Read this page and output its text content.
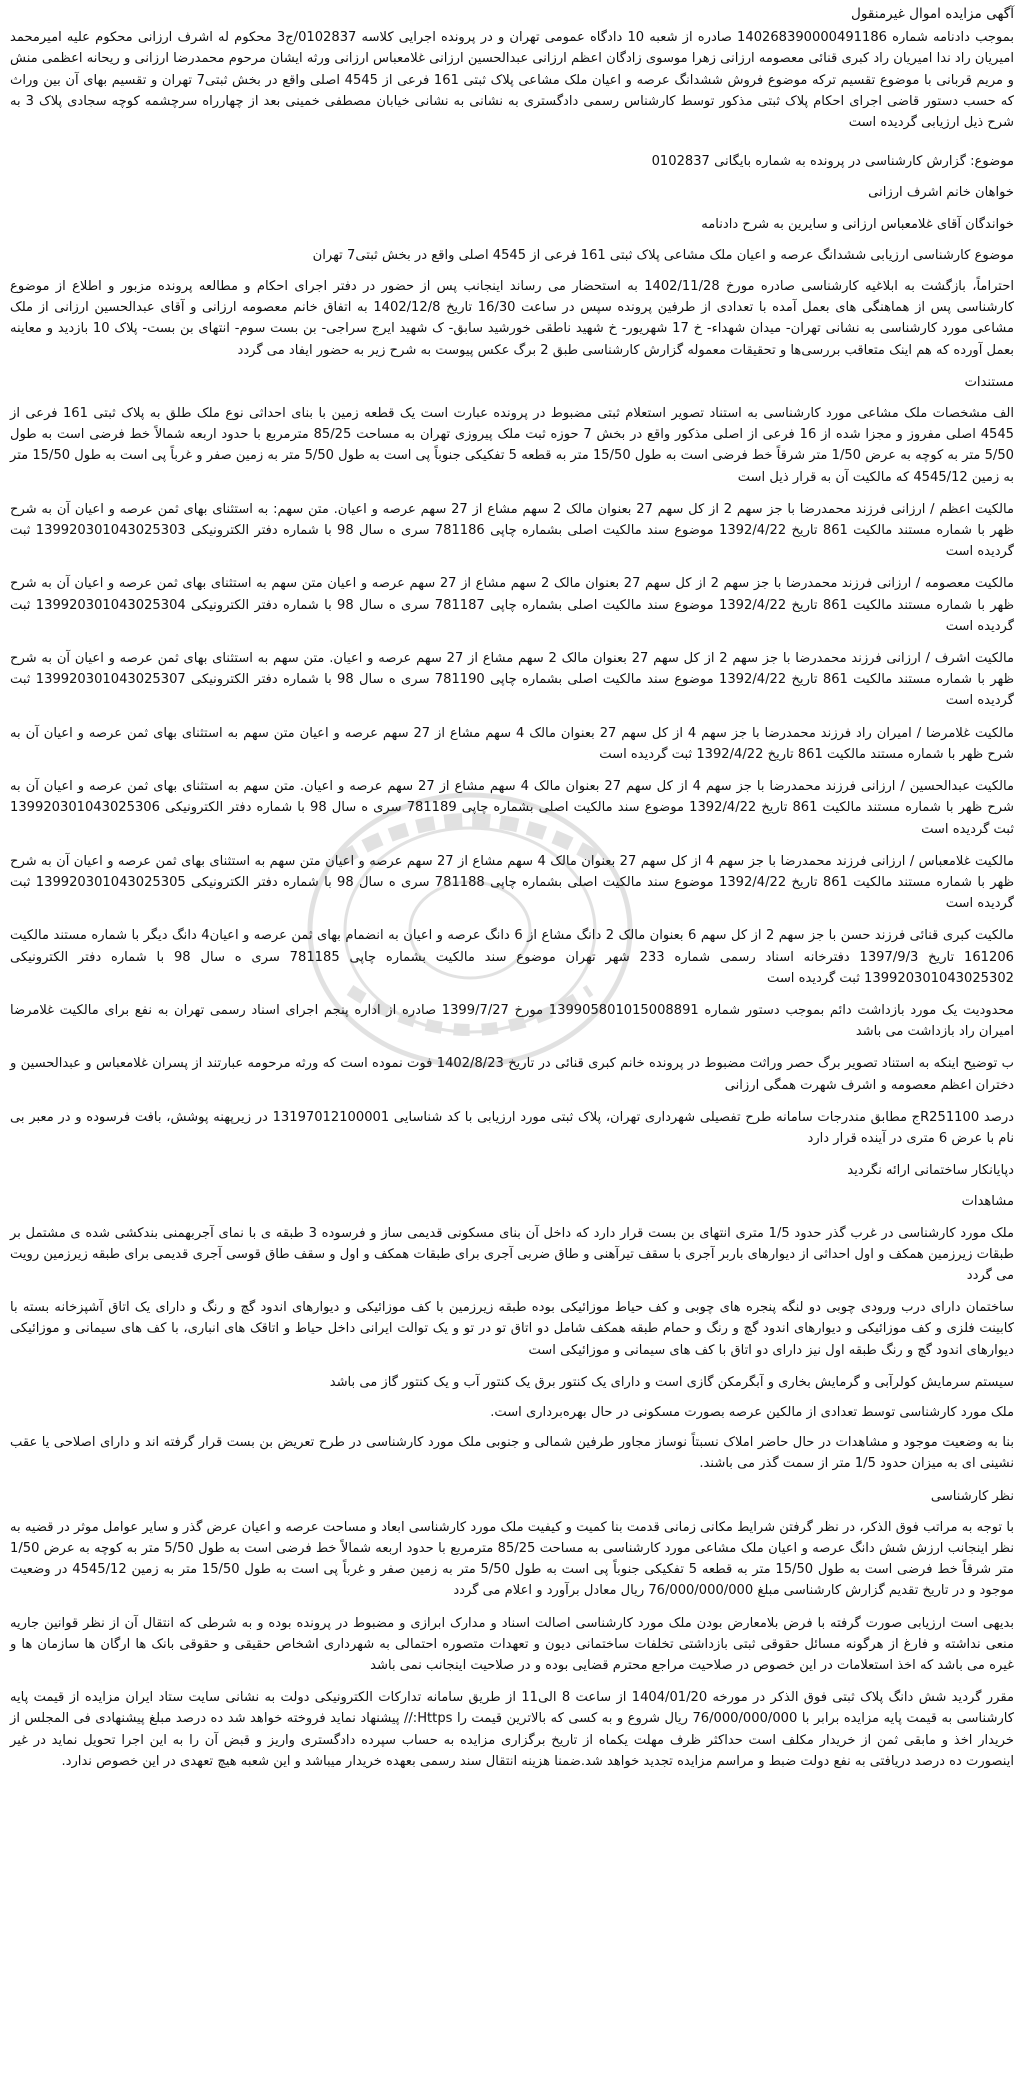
آگهی مزایده اموال غیرمنقول
بموجب دادنامه شماره 140268390000491186 صادره از شعبه 10 دادگاه عمومی تهران و در پرونده اجرایی کلاسه 0102837/ج3 محکوم له اشرف ارزانی محکوم علیه امیرمحمد امیریان راد ندا امیریان راد کبری قنائی معصومه ارزانی زهرا موسوی زادگان اعظم ارزانی عبدالحسین ارزانی غلامعباس ارزانی ورثه ایشان مرحوم محمدرضا ارزانی و ریحانه اعظمی منش و مریم قربانی با موضوع تقسیم ترکه موضوع فروش ششدانگ عرصه و اعیان ملک مشاعی پلاک ثبتی 161 فرعی از 4545 اصلی واقع در بخش ثبتی7 تهران و تقسیم بهای آن بین وراث که حسب دستور قاضی اجرای احکام پلاک ثبتی مذکور توسط کارشناس رسمی دادگستری به نشانی به نشانی خیابان مصطفی خمینی بعد از چهارراه سرچشمه کوچه سجادی پلاک 3 به شرح ذیل ارزیابی گردیده است
موضوع: گزارش کارشناسی در پرونده به شماره بایگانی 0102837
خواهان خانم اشرف ارزانی
خواندگان آقای غلامعباس ارزانی و سایرین به شرح دادنامه
موضوع کارشناسی ارزیابی ششدانگ عرصه و اعیان ملک مشاعی پلاک ثبتی 161 فرعی از 4545 اصلی واقع در بخش ثبتی7 تهران
احتراماً، بازگشت به ابلاغیه کارشناسی صادره مورخ 1402/11/28 به استحضار می رساند اینجانب پس از حضور در دفتر اجرای احکام و مطالعه پرونده مزبور و اطلاع از موضوع کارشناسی پس از هماهنگی های بعمل آمده با تعدادی از طرفین پرونده سپس در ساعت 16/30 تاریخ 1402/12/8 به اتفاق خانم معصومه ارزانی و آقای عبدالحسین ارزانی از ملک مشاعی مورد کارشناسی به نشانی تهران- میدان شهداء- خ 17 شهریور- خ شهید ناطقی خورشید سابق- ک شهید ایرج سراجی- بن بست سوم- انتهای بن بست- پلاک 10 بازدید و معاینه بعمل آورده که هم اینک متعاقب بررسی‌ها و تحقیقات معموله گزارش کارشناسی طبق 2 برگ عکس پیوست به شرح زیر به حضور ایفاد می گردد
مستندات
الف مشخصات ملک مشاعی مورد کارشناسی به استناد تصویر استعلام ثبتی مضبوط در پرونده عبارت است یک قطعه زمین با بنای احداثی نوع ملک طلق به پلاک ثبتی 161 فرعی از 4545 اصلی مفروز و مجزا شده از 16 فرعی از اصلی مذکور واقع در بخش 7 حوزه ثبت ملک پیروزی تهران به مساحت 85/25 مترمربع با حدود اربعه شمالاً خط فرضی است به طول 5/50 متر به کوچه به عرض 1/50 متر شرقاً خط فرضی است به طول 15/50 متر به قطعه 5 تفکیکی جنوباً پی است به طول 5/50 متر به زمین صفر و غرباً پی است به طول 15/50 متر به زمین 4545/12 که مالکیت آن به قرار ذیل است
مالکیت اعظم / ارزانی فرزند محمدرضا با جز سهم 2 از کل سهم 27 بعنوان مالک 2 سهم مشاع از 27 سهم عرصه و اعیان. متن سهم: به استثنای بهای ثمن عرصه و اعیان آن به شرح ظهر با شماره مستند مالکیت 861 تاریخ 1392/4/22 موضوع سند مالکیت اصلی بشماره چاپی 781186 سری ه سال 98 با شماره دفتر الکترونیکی 139920301043025303 ثبت گردیده است
مالکیت معصومه / ارزانی فرزند محمدرضا با جز سهم 2 از کل سهم 27 بعنوان مالک 2 سهم مشاع از 27 سهم عرصه و اعیان متن سهم به استثنای بهای ثمن عرصه و اعیان آن به شرح ظهر با شماره مستند مالکیت 861 تاریخ 1392/4/22 موضوع سند مالکیت اصلی بشماره چاپی 781187 سری ه سال 98 با شماره دفتر الکترونیکی 139920301043025304 ثبت گردیده است
مالکیت اشرف / ارزانی فرزند محمدرضا با جز سهم 2 از کل سهم 27 بعنوان مالک 2 سهم مشاع از 27 سهم عرصه و اعیان. متن سهم به استثنای بهای ثمن عرصه و اعیان آن به شرح ظهر با شماره مستند مالکیت 861 تاریخ 1392/4/22 موضوع سند مالکیت اصلی بشماره چاپی 781190 سری ه سال 98 با شماره دفتر الکترونیکی 139920301043025307 ثبت گردیده است
مالکیت غلامرضا / امیران راد فرزند محمدرضا با جز سهم 4 از کل سهم 27 بعنوان مالک 4 سهم مشاع از 27 سهم عرصه و اعیان متن سهم به استثنای بهای ثمن عرصه و اعیان آن به شرح ظهر با شماره مستند مالکیت 861 تاریخ 1392/4/22 ثبت گردیده است
مالکیت عبدالحسین / ارزانی فرزند محمدرضا با جز سهم 4 از کل سهم 27 بعنوان مالک 4 سهم مشاع از 27 سهم عرصه و اعیان. متن سهم به استثنای بهای ثمن عرصه و اعیان آن به شرح ظهر با شماره مستند مالکیت 861 تاریخ 1392/4/22 موضوع سند مالکیت اصلی بشماره چاپی 781189 سری ه سال 98 با شماره دفتر الکترونیکی 139920301043025306 ثبت گردیده است
مالکیت غلامعباس / ارزانی فرزند محمدرضا با جز سهم 4 از کل سهم 27 بعنوان مالک 4 سهم مشاع از 27 سهم عرصه و اعیان متن سهم به استثنای بهای ثمن عرصه و اعیان آن به شرح ظهر با شماره مستند مالکیت 861 تاریخ 1392/4/22 موضوع سند مالکیت اصلی بشماره چاپی 781188 سری ه سال 98 با شماره دفتر الکترونیکی 139920301043025305 ثبت گردیده است
مالکیت کبری قنائی فرزند حسن با جز سهم 2 از کل سهم 6 بعنوان مالک 2 دانگ مشاع از 6 دانگ عرصه و اعیان به انضمام بهای ثمن عرصه و اعیان4 دانگ دیگر با شماره مستند مالکیت 161206 تاریخ 1397/9/3 دفترخانه اسناد رسمی شماره 233 شهر تهران موضوع سند مالکیت بشماره چاپی 781185 سری ه سال 98 با شماره دفتر الکترونیکی 139920301043025302 ثبت گردیده است
محدودیت یک مورد بازداشت دائم بموجب دستور شماره 139905801015008891 مورخ 1399/7/27 صادره از اداره پنجم اجرای اسناد رسمی تهران به نفع برای مالکیت غلامرضا امیران راد بازداشت می باشد
ب توضیح اینکه به استناد تصویر برگ حصر وراثت مضبوط در پرونده خانم کبری قنائی در تاریخ 1402/8/23 فوت نموده است که ورثه مرحومه عبارتند از پسران غلامعباس و عبدالحسین و دختران اعظم معصومه و اشرف شهرت همگی ارزانی
درصد R251100ج مطابق مندرجات سامانه طرح تفصیلی شهرداری تهران، پلاک ثبتی مورد ارزیابی با کد شناسایی 13197012100001 در زیرپهنه پوشش، بافت فرسوده و در معبر بی نام با عرض 6 متری در آینده قرار دارد
دپایانکار ساختمانی ارائه نگردید
مشاهدات
ملک مورد کارشناسی در غرب گذر حدود 1/5 متری انتهای بن بست قرار دارد که داخل آن بنای مسکونی قدیمی ساز و فرسوده 3 طبقه ی با نمای آجربهمنی بندکشی شده ی مشتمل بر طبقات زیرزمین همکف و اول احداثی از دیوارهای باربر آجری با سقف تیرآهنی و طاق ضربی آجری برای طبقات همکف و اول و سقف طاق قوسی آجری قدیمی برای طبقه زیرزمین رویت می گردد
ساختمان دارای درب ورودی چوبی دو لنگه پنجره های چوبی و کف حیاط موزائیکی بوده طبقه زیرزمین با کف موزائیکی و دیوارهای اندود گچ و رنگ و دارای یک اتاق آشپزخانه بسته با کابینت فلزی و کف موزائیکی و دیوارهای اندود گچ و رنگ و حمام طبقه همکف شامل دو اتاق تو در تو و یک توالت ایرانی داخل حیاط و اتاقک های انباری، با کف های سیمانی و موزائیکی دیوارهای اندود گچ و رنگ طبقه اول نیز دارای دو اتاق با کف های سیمانی و موزائیکی است
سیستم سرمایش کولرآبی و گرمایش بخاری و آبگرمکن گازی است و دارای یک کنتور برق یک کنتور آب و یک کنتور گاز می باشد
ملک مورد کارشناسی توسط تعدادی از مالکین عرصه بصورت مسکونی در حال بهره‌برداری است.
بنا به وضعیت موجود و مشاهدات در حال حاضر املاک نسبتاً نوساز مجاور طرفین شمالی و جنوبی ملک مورد کارشناسی در طرح تعریض بن بست قرار گرفته اند و دارای اصلاحی یا عقب نشینی ای به میزان حدود 1/5 متر از سمت گذر می باشند.
نظر کارشناسی
با توجه به مراتب فوق الذکر، در نظر گرفتن شرایط مکانی زمانی قدمت بنا کمیت و کیفیت ملک مورد کارشناسی ابعاد و مساحت عرصه و اعیان عرض گذر و سایر عوامل موثر در قضیه به نظر اینجانب ارزش شش دانگ عرصه و اعیان ملک مشاعی مورد کارشناسی به مساحت 85/25 مترمربع با حدود اربعه شمالاً خط فرضی است به طول 5/50 متر به کوچه به عرض 1/50 متر شرقاً خط فرضی است به طول 15/50 متر به قطعه 5 تفکیکی جنوباً پی است به طول 5/50 متر به زمین صفر و غرباً پی است به طول 15/50 متر به زمین 4545/12 در وضعیت موجود و در تاریخ تقدیم گزارش کارشناسی مبلغ 76/000/000/000 ریال معادل برآورد و اعلام می گردد
بدیهی است ارزیابی صورت گرفته با فرض بلامعارض بودن ملک مورد کارشناسی اصالت اسناد و مدارک ابرازی و مضبوط در پرونده بوده و به شرطی که انتقال آن از نظر قوانین جاریه منعی نداشته و فارغ از هرگونه مسائل حقوقی ثبتی بازداشتی تخلفات ساختمانی دیون و تعهدات متصوره احتمالی به شهرداری اشخاص حقیقی و حقوقی بانک ها ارگان ها سازمان ها و غیره می باشد که اخذ استعلامات در این خصوص در صلاحیت مراجع محترم قضایی بوده و در صلاحیت اینجانب نمی باشد
مقرر گردید شش دانگ پلاک ثبتی فوق الذکر در مورخه 1404/01/20 از ساعت 8 الی11 از طریق سامانه تدارکات الکترونیکی دولت به نشانی سایت ستاد ایران مزایده از قیمت پایه کارشناسی به قیمت پایه مزایده برابر با 76/000/000/000 ریال شروع و به کسی که بالاترین قیمت را Https:// پیشنهاد نماید فروخته خواهد شد ده درصد مبلغ پیشنهادی فی المجلس از خریدار اخذ و مابقی ثمن از خریدار مکلف است حداکثر ظرف مهلت یکماه از تاریخ برگزاری مزایده به حساب سپرده دادگستری واریز و قبض آن را به این اجرا تحویل نماید در غیر اینصورت ده درصد دریافتی به نفع دولت ضبط و مراسم مزایده تجدید خواهد شد.ضمنا هزینه انتقال سند رسمی بعهده خریدار میباشد و این شعبه هیچ تعهدی در این خصوص ندارد.
